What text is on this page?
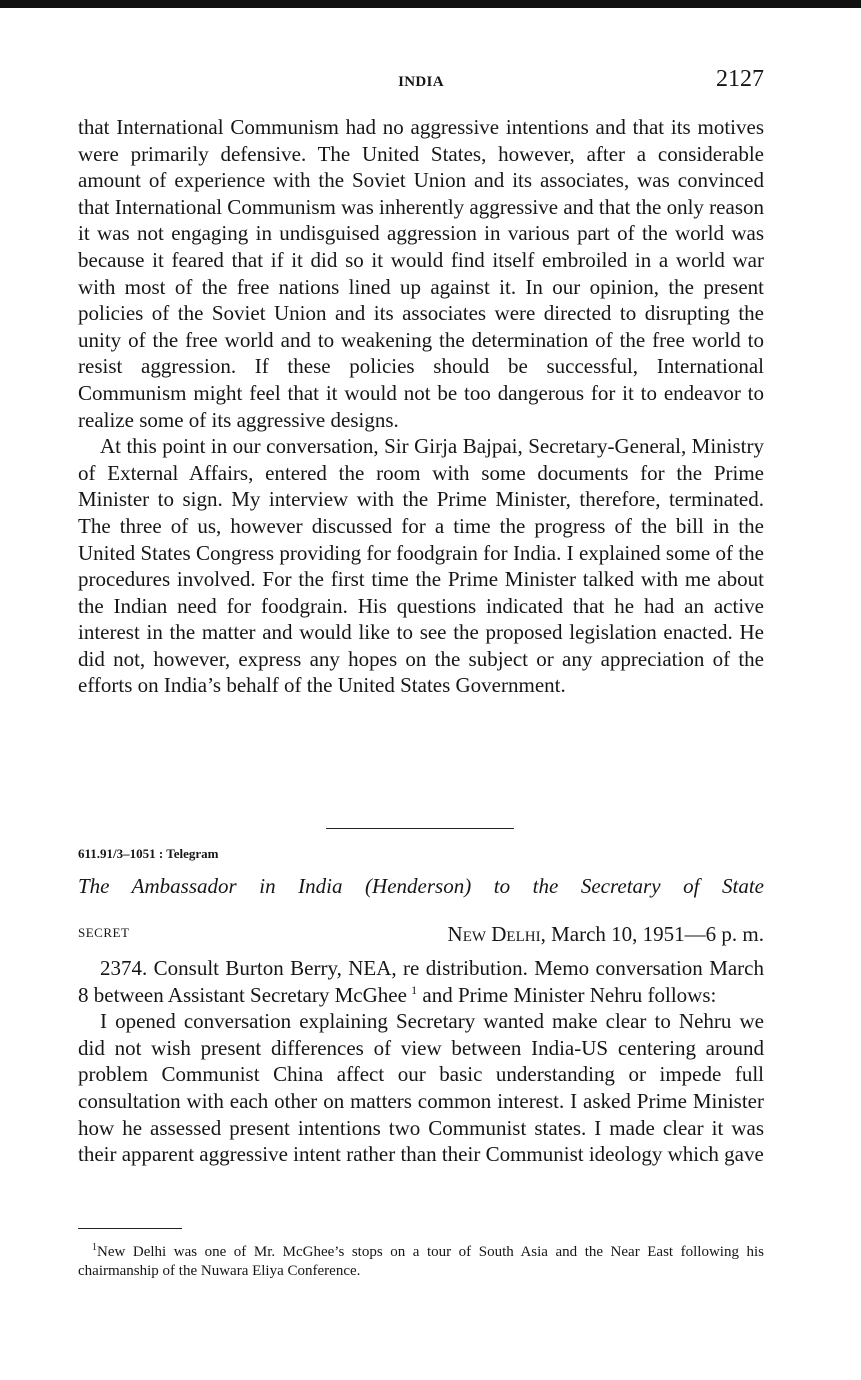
INDIA	2127

that International Communism had no aggressive intentions and that its motives were primarily defensive. The United States, however, after a considerable amount of experience with the Soviet Union and its associates, was convinced that International Communism was inherently aggressive and that the only reason it was not engaging in undisguised aggression in various part of the world was because it feared that if it did so it would find itself embroiled in a world war with most of the free nations lined up against it. In our opinion, the present policies of the Soviet Union and its associates were directed to disrupting the unity of the free world and to weakening the determination of the free world to resist aggression. If these policies should be successful, International Communism might feel that it would not be too dangerous for it to endeavor to realize some of its aggressive designs.

At this point in our conversation, Sir Girja Bajpai, Secretary-General, Ministry of External Affairs, entered the room with some documents for the Prime Minister to sign. My interview with the Prime Minister, therefore, terminated. The three of us, however discussed for a time the progress of the bill in the United States Congress providing for foodgrain for India. I explained some of the procedures involved. For the first time the Prime Minister talked with me about the Indian need for foodgrain. His questions indicated that he had an active interest in the matter and would like to see the proposed legislation enacted. He did not, however, express any hopes on the subject or any appreciation of the efforts on India’s behalf of the United States Government.

611.91/3–1051 : Telegram
The Ambassador in India (Henderson) to the Secretary of State
SECRET	New Delhi, March 10, 1951—6 p. m.

2374. Consult Burton Berry, NEA, re distribution. Memo conversation March 8 between Assistant Secretary McGhee  $^1$ and Prime Minister Nehru follows:

I opened conversation explaining Secretary wanted make clear to Nehru we did not wish present differences of view between India-US centering around problem Communist China affect our basic understanding or impede full consultation with each other on matters common interest. I asked Prime Minister how he assessed present intentions two Communist states. I made clear it was their apparent aggressive intent rather than their Communist ideology which gave

$^1$New Delhi was one of Mr. McGhee’s stops on a tour of South Asia and the Near East following his chairmanship of the Nuwara Eliya Conference.
